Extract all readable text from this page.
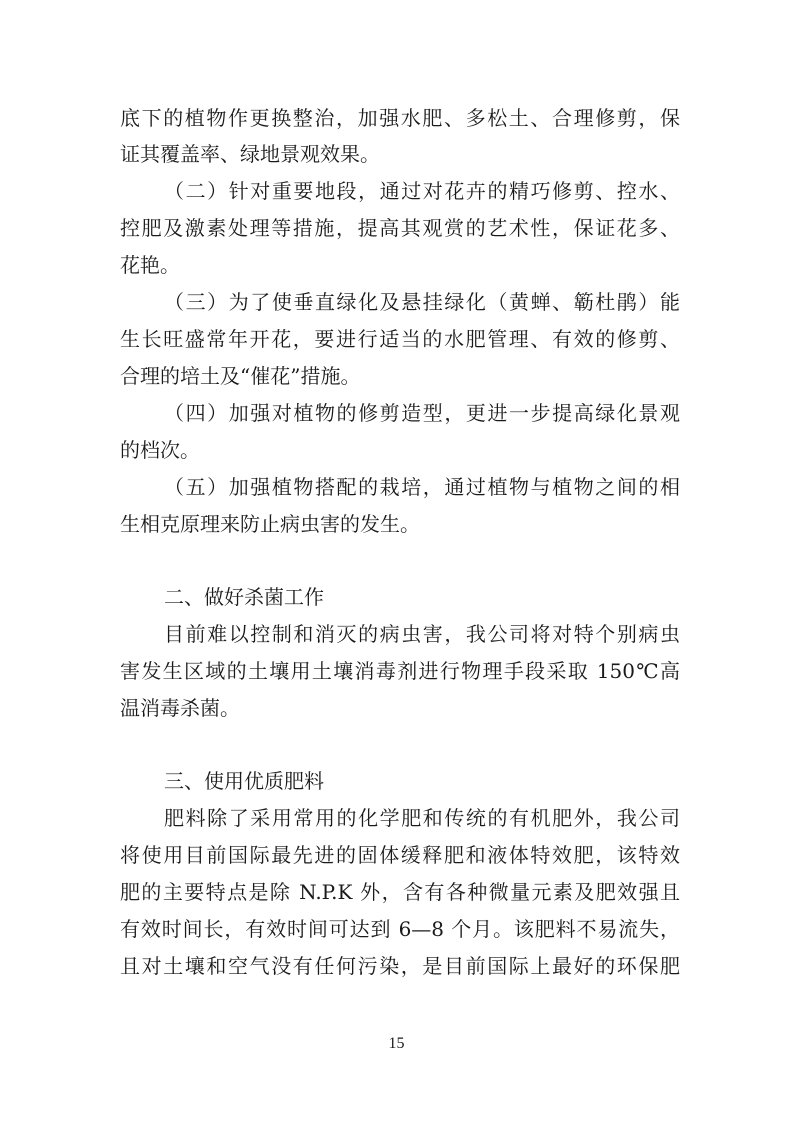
底下的植物作更换整治，加强水肥、多松土、合理修剪，保
证其覆盖率、绿地景观效果。
（二）针对重要地段，通过对花卉的精巧修剪、控水、
控肥及激素处理等措施，提高其观赏的艺术性，保证花多、
花艳。
（三）为了使垂直绿化及悬挂绿化（黄蝉、簕杜鹃）能
生长旺盛常年开花，要进行适当的水肥管理、有效的修剪、
合理的培土及“催花”措施。
（四）加强对植物的修剪造型，更进一步提高绿化景观
的档次。
（五）加强植物搭配的栽培，通过植物与植物之间的相
生相克原理来防止病虫害的发生。
二、做好杀菌工作
目前难以控制和消灭的病虫害，我公司将对特个别病虫
害发生区域的土壤用土壤消毒剂进行物理手段采取 150℃高
温消毒杀菌。
三、使用优质肥料
肥料除了采用常用的化学肥和传统的有机肥外，我公司
将使用目前国际最先进的固体缓释肥和液体特效肥，该特效
肥的主要特点是除 N.P.K 外，含有各种微量元素及肥效强且
有效时间长，有效时间可达到 6—8 个月。该肥料不易流失，
且对土壤和空气没有任何污染，是目前国际上最好的环保肥
15
